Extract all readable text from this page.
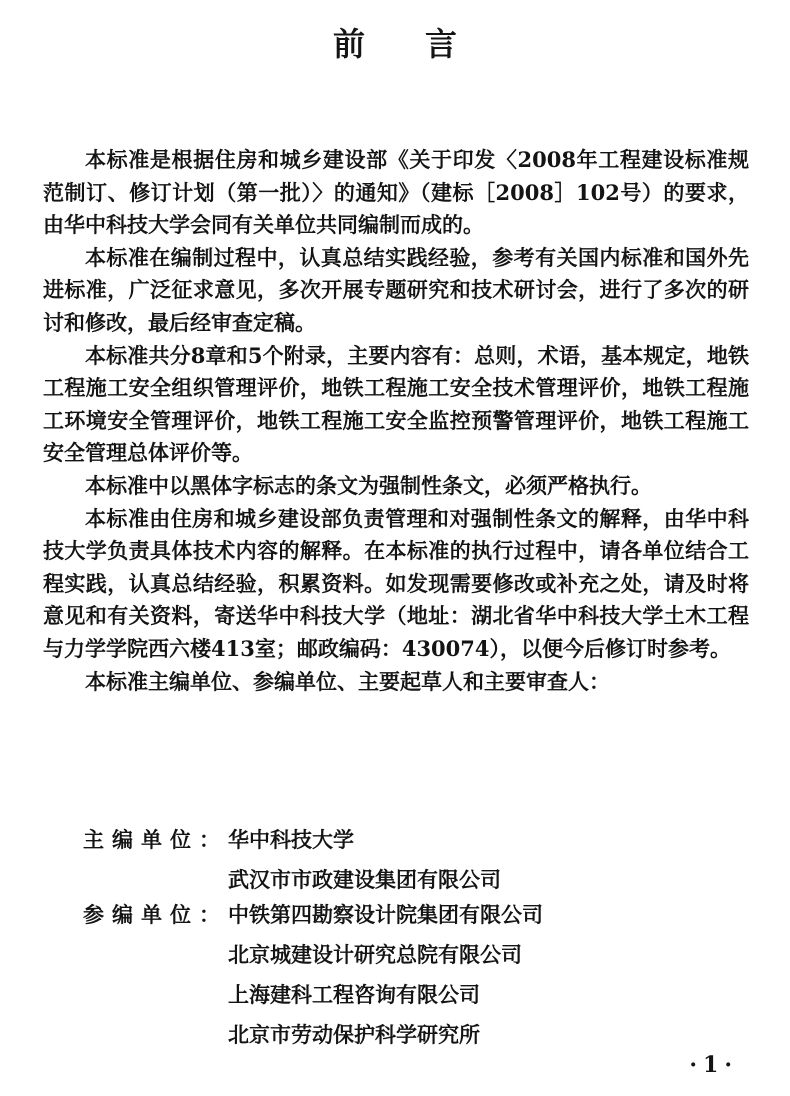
前言

本标准是根据住房和城乡建设部《关于印发〈2008年工程建设标准规范制订、修订计划（第一批）〉的通知》（建标［2008］102号）的要求，由华中科技大学会同有关单位共同编制而成的。

本标准在编制过程中，认真总结实践经验，参考有关国内标准和国外先进标准，广泛征求意见，多次开展专题研究和技术研讨会，进行了多次的研讨和修改，最后经审查定稿。

本标准共分8章和5个附录，主要内容有：总则，术语，基本规定，地铁工程施工安全组织管理评价，地铁工程施工安全技术管理评价，地铁工程施工环境安全管理评价，地铁工程施工安全监控预警管理评价，地铁工程施工安全管理总体评价等。

本标准中以黑体字标志的条文为强制性条文，必须严格执行。

本标准由住房和城乡建设部负责管理和对强制性条文的解释，由华中科技大学负责具体技术内容的解释。在本标准的执行过程中，请各单位结合工程实践，认真总结经验，积累资料。如发现需要修改或补充之处，请及时将意见和有关资料，寄送华中科技大学（地址：湖北省华中科技大学土木工程与力学学院西六楼413室；邮政编码：430074），以便今后修订时参考。

本标准主编单位、参编单位、主要起草人和主要审查人：

主编单位： 华中科技大学
武汉市市政建设集团有限公司
参编单位： 中铁第四勘察设计院集团有限公司
北京城建设计研究总院有限公司
上海建科工程咨询有限公司
北京市劳动保护科学研究所
·1·
